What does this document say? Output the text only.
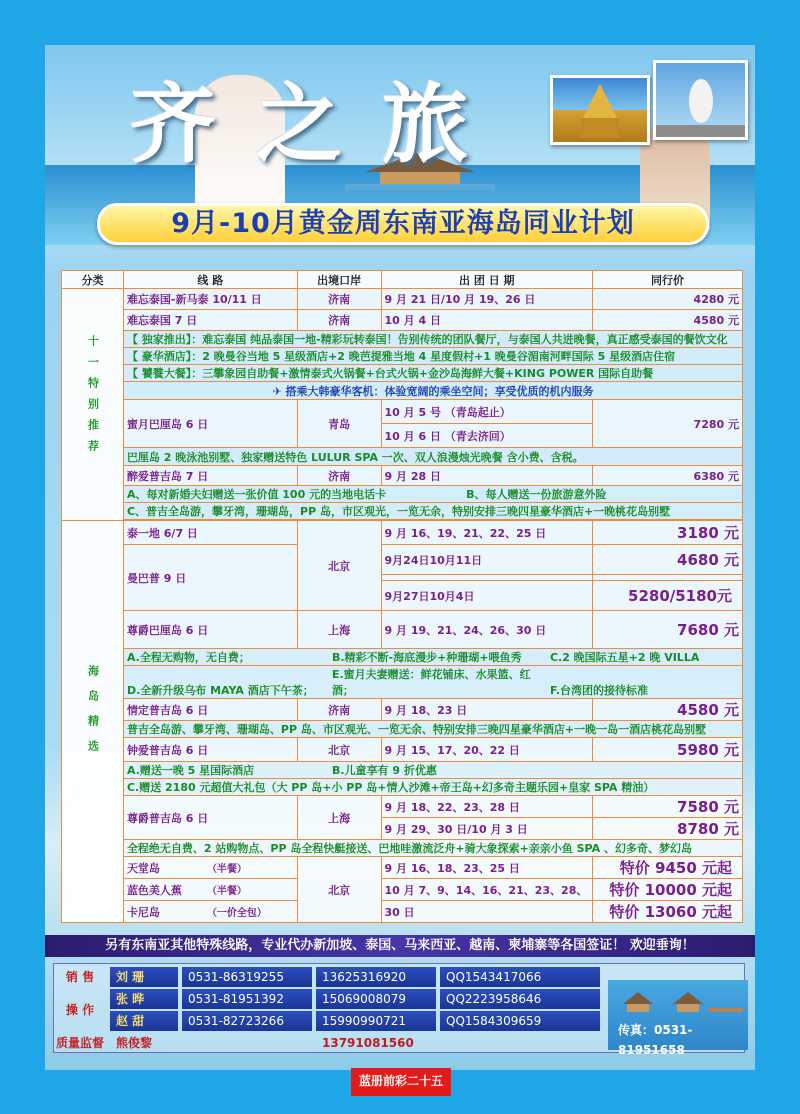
齐之旅
9月-10月黄金周东南亚海岛同业计划
分类	线 路	出境口岸	出 团 日 期	同行价
十一特别推荐	难忘泰国-新马泰 10/11 日	济南	9 月 21 日/10 月 19、26 日	4280 元
	难忘泰国 7 日	济南	10 月 4 日	4580 元
	【 独家推出】：难忘泰国 纯品泰国一地-精彩玩转泰国！告别传统的团队餐厅，与泰国人共进晚餐，真正感受泰国的餐饮文化			
	【 豪华酒店】：2 晚曼谷当地 5 星级酒店+2 晚芭提雅当地 4 星度假村+1 晚曼谷湄南河畔国际 5 星级酒店住宿			
	【 饕餮大餐】：三攀象园自助餐+激情泰式火锅餐+台式火锅+金沙岛海鲜大餐+KING POWER 国际自助餐			
	✈ 搭乘大韩豪华客机：体验宽阔的乘坐空间；享受优质的机内服务			
	蜜月巴厘岛 6 日	青岛	10 月 5 号 （青岛起止）	7280 元
			10 月 6 日 （青去济回）	
	巴厘岛 2 晚泳池别墅、独家赠送特色 LULUR SPA 一次、双人浪漫烛光晚餐 含小费、含税。			
	醉爱普吉岛 7 日	济南	9 月 28 日	6380 元
	A、每对新婚夫妇赠送一张价值 100 元的当地电话卡 B、每人赠送一份旅游意外险			
	C、普吉全岛游，攀牙湾，珊瑚岛，PP 岛，市区观光，一览无余，特别安排三晚四星豪华酒店+一晚桃花岛别墅			

海岛精选	泰一地 6/7 日	北京	9 月 16、19、21、22、25 日	3180 元
	曼巴普 9 日		9月24日10月11日	4680 元

			9月27日10月4日	5280/5180元
	尊爵巴厘岛 6 日	上海	9 月 19、21、24、26、30 日	7680 元
	A.全程无购物，无自费； B.精彩不断-海底漫步+种珊瑚+喂鱼秀 C.2 晚国际五星+2 晚 VILLA			
	D.全新升级乌布 MAYA 酒店下午茶；E.蜜月夫妻赠送：鲜花铺床、水果篮、红酒； F.台湾团的接待标准			
	情定普吉岛 6 日	济南	9 月 18、23 日	4580 元
	普吉全岛游、攀牙湾、珊瑚岛、PP 岛、市区观光、一览无余、特别安排三晚四星豪华酒店+一晚一岛一酒店桃花岛别墅			
	钟爱普吉岛 6 日	北京	9 月 15、17、20、22 日	5980 元
	A.赠送一晚 5 星国际酒店 B.儿童享有 9 折优惠			
	C.赠送 2180 元超值大礼包（大 PP 岛+小 PP 岛+情人沙滩+帝王岛+幻多奇主题乐园+皇家 SPA 精油）			
	尊爵普吉岛 6 日	上海	9 月 18、22、23、28 日	7580 元
			9 月 29、30 日/10 月 3 日	8780 元
	全程绝无自费、2 站购物点、PP 岛全程快艇接送、巴地哇激流泛舟+骑大象探索+亲亲小鱼 SPA 、幻多奇、梦幻岛			
	天堂岛 （半餐）	北京	9 月 16、18、23、25 日	特价 9450 元起
	蓝色美人蕉 （半餐）		10 月 7、9、14、16、21、23、28、	特价 10000 元起
	卡尼岛 （一价全包）		30 日	特价 13060 元起
另有东南亚其他特殊线路，专业代办新加坡、泰国、马来西亚、越南、柬埔寨等各国签证！ 欢迎垂询！
销 售
操 作
质量监督
刘 珊	0531-86319255	13625316920	QQ1543417066
张 晔	0531-81951392	15069008079	QQ2223958646
赵 甜	0531-82723266	15990990721	QQ1584309659
熊俊黎	13791081560
传真：0531-81951658
蓝册前彩二十五
